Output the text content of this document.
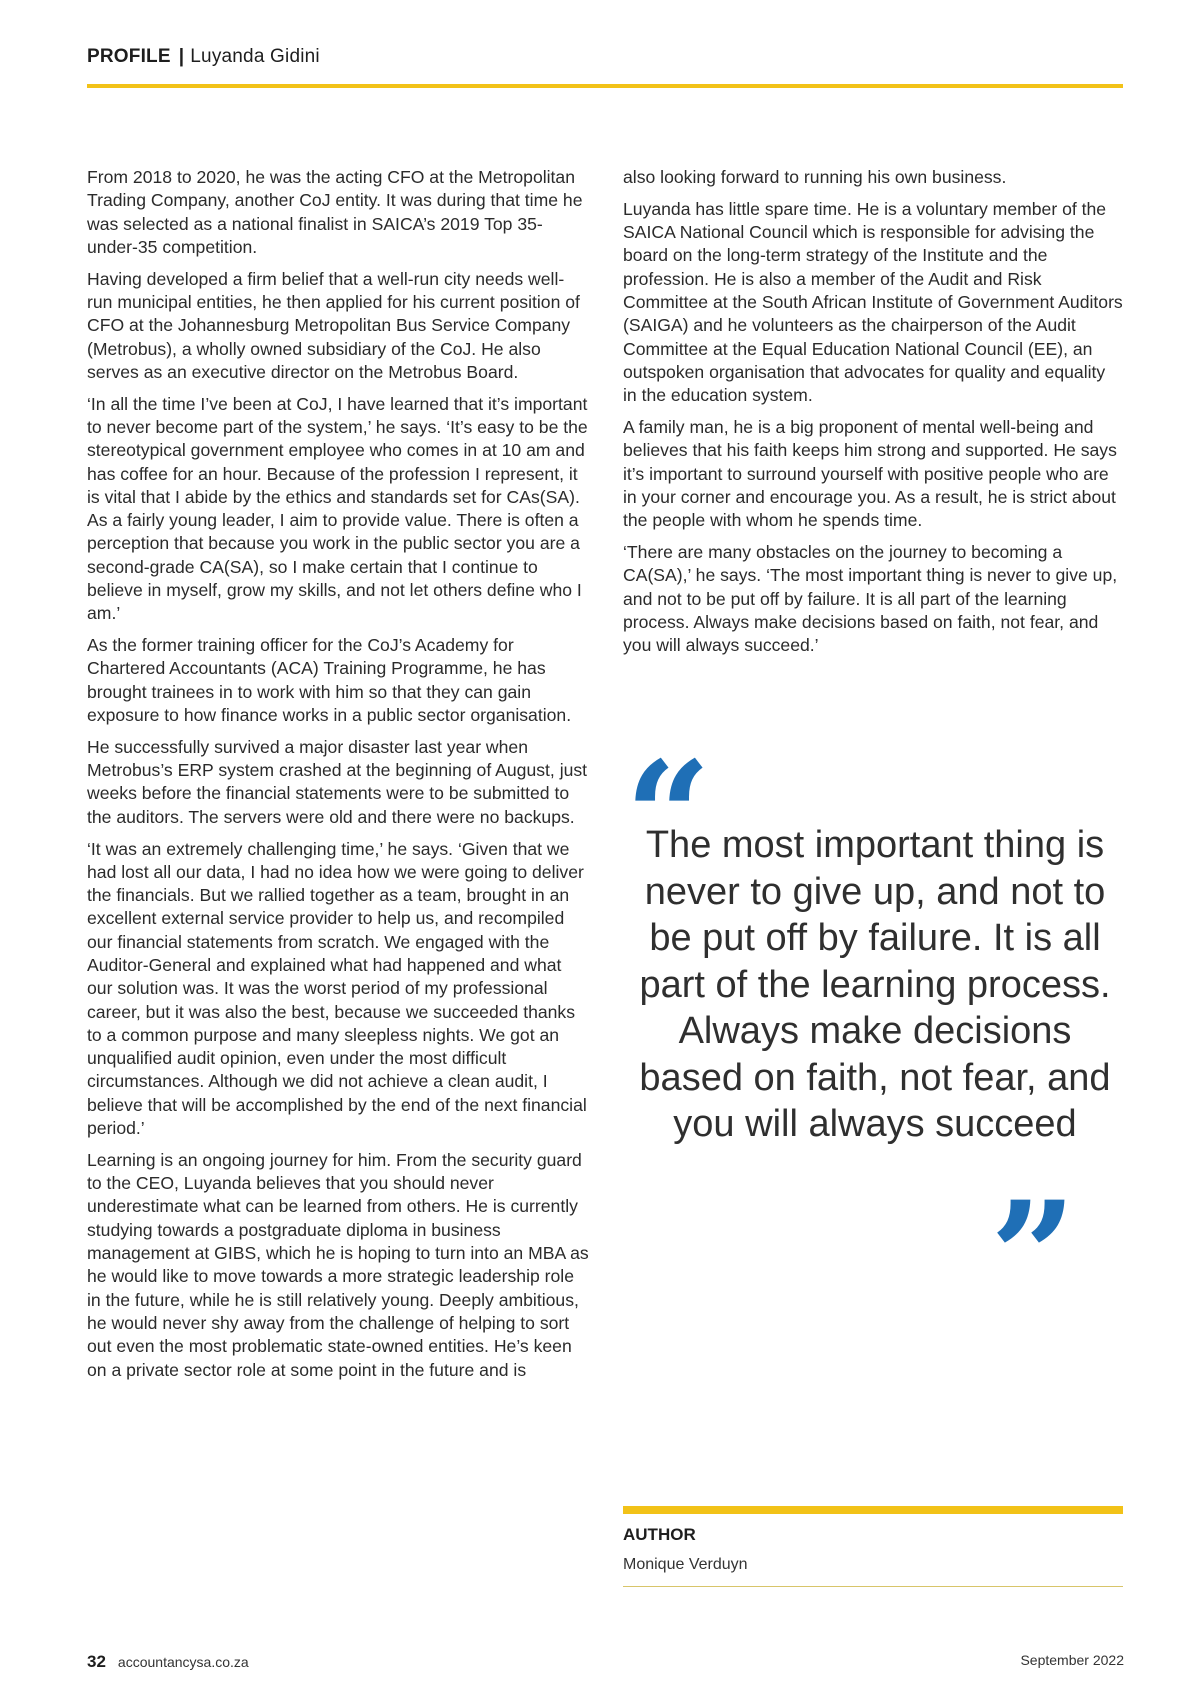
PROFILE | Luyanda Gidini

From 2018 to 2020, he was the acting CFO at the Metropolitan Trading Company, another CoJ entity. It was during that time he was selected as a national finalist in SAICA’s 2019 Top 35-under-35 competition.

Having developed a firm belief that a well-run city needs well-run municipal entities, he then applied for his current position of CFO at the Johannesburg Metropolitan Bus Service Company (Metrobus), a wholly owned subsidiary of the CoJ. He also serves as an executive director on the Metrobus Board.

‘In all the time I’ve been at CoJ, I have learned that it’s important to never become part of the system,’ he says. ‘It’s easy to be the stereotypical government employee who comes in at 10 am and has coffee for an hour. Because of the profession I represent, it is vital that I abide by the ethics and standards set for CAs(SA). As a fairly young leader, I aim to provide value. There is often a perception that because you work in the public sector you are a second-grade CA(SA), so I make certain that I continue to believe in myself, grow my skills, and not let others define who I am.’

As the former training officer for the CoJ’s Academy for Chartered Accountants (ACA) Training Programme, he has brought trainees in to work with him so that they can gain exposure to how finance works in a public sector organisation.

He successfully survived a major disaster last year when Metrobus’s ERP system crashed at the beginning of August, just weeks before the financial statements were to be submitted to the auditors. The servers were old and there were no backups.

‘It was an extremely challenging time,’ he says. ‘Given that we had lost all our data, I had no idea how we were going to deliver the financials. But we rallied together as a team, brought in an excellent external service provider to help us, and recompiled our financial statements from scratch. We engaged with the Auditor-General and explained what had happened and what our solution was. It was the worst period of my professional career, but it was also the best, because we succeeded thanks to a common purpose and many sleepless nights. We got an unqualified audit opinion, even under the most difficult circumstances. Although we did not achieve a clean audit, I believe that will be accomplished by the end of the next financial period.’

Learning is an ongoing journey for him. From the security guard to the CEO, Luyanda believes that you should never underestimate what can be learned from others. He is currently studying towards a postgraduate diploma in business management at GIBS, which he is hoping to turn into an MBA as he would like to move towards a more strategic leadership role in the future, while he is still relatively young. Deeply ambitious, he would never shy away from the challenge of helping to sort out even the most problematic state-owned entities. He’s keen on a private sector role at some point in the future and is

also looking forward to running his own business.

Luyanda has little spare time. He is a voluntary member of the SAICA National Council which is responsible for advising the board on the long-term strategy of the Institute and the profession. He is also a member of the Audit and Risk Committee at the South African Institute of Government Auditors (SAIGA) and he volunteers as the chairperson of the Audit Committee at the Equal Education National Council (EE), an outspoken organisation that advocates for quality and equality in the education system.

A family man, he is a big proponent of mental well-being and believes that his faith keeps him strong and supported. He says it’s important to surround yourself with positive people who are in your corner and encourage you. As a result, he is strict about the people with whom he spends time.

‘There are many obstacles on the journey to becoming a CA(SA),’ he says. ‘The most important thing is never to give up, and not to be put off by failure. It is all part of the learning process. Always make decisions based on faith, not fear, and you will always succeed.’

“
The most important thing is never to give up, and not to be put off by failure. It is all part of the learning process. Always make decisions based on faith, not fear, and you will always succeed
”
AUTHOR
Monique Verduyn
32 accountancysa.co.za	September 2022
